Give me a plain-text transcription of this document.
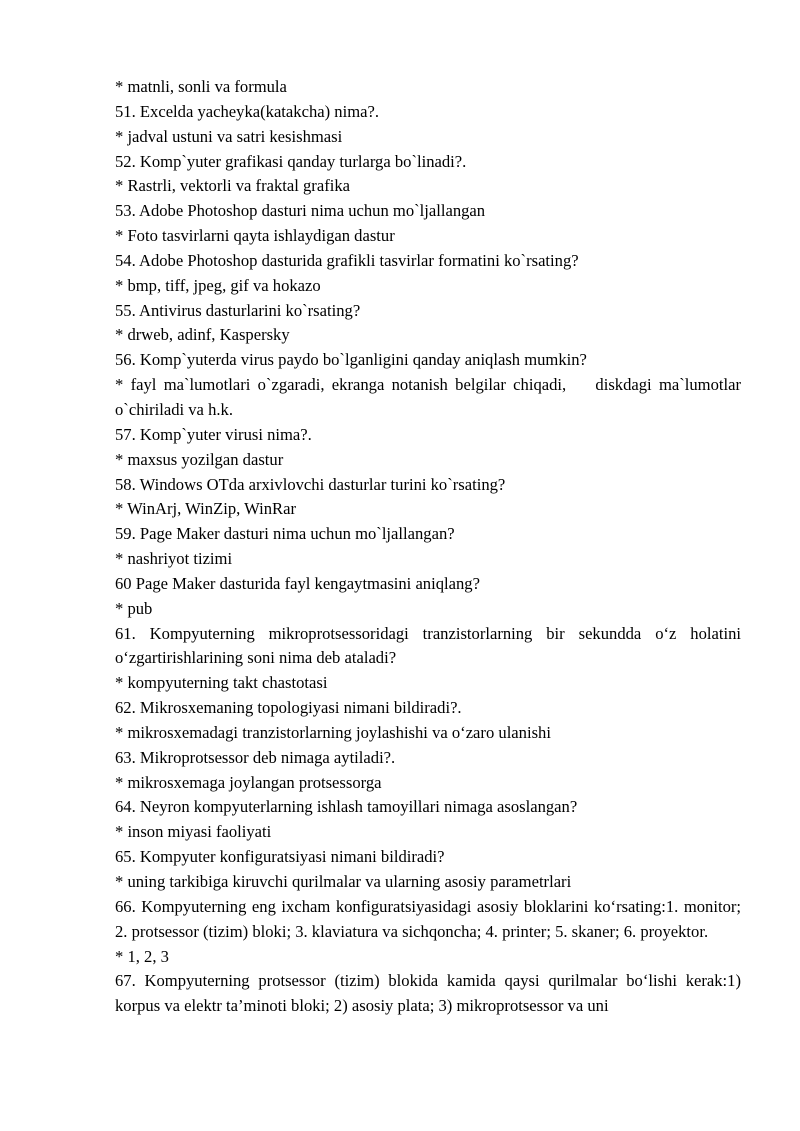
* matnli, sonli va formula

51. Excelda yacheyka(katakcha) nima?.

* jadval ustuni va satri kesishmasi

52. Komp`yuter grafikasi qanday turlarga bo`linadi?.

* Rastrli, vektorli va fraktal grafika

53. Adobe Photoshop dasturi nima uchun mo`ljallangan

* Foto tasvirlarni qayta ishlaydigan dastur

54. Adobe Photoshop dasturida grafikli tasvirlar formatini ko`rsating?

* bmp, tiff, jpeg, gif va hokazo

55. Antivirus dasturlarini ko`rsating?

* drweb, adinf, Kaspersky

56. Komp`yuterda virus paydo bo`lganligini qanday aniqlash mumkin?

* fayl ma`lumotlari o`zgaradi, ekranga notanish belgilar chiqadi,    diskdagi ma`lumotlar o`chiriladi va h.k.

57. Komp`yuter virusi nima?.

* maxsus yozilgan dastur

58. Windows OTda arxivlovchi dasturlar turini ko`rsating?

* WinArj, WinZip, WinRar

59. Page Maker dasturi nima uchun mo`ljallangan?

* nashriyot tizimi

60 Page Maker dasturida fayl kengaytmasini aniqlang?

* pub

61. Kompyuterning mikroprotsessoridagi tranzistorlarning bir sekundda o‘z holatini o‘zgartirishlarining soni nima deb ataladi?

* kompyuterning takt chastotasi

62. Mikrosxemaning topologiyasi nimani bildiradi?.

* mikrosxemadagi tranzistorlarning joylashishi va o‘zaro ulanishi

63. Mikroprotsessor deb nimaga aytiladi?.

* mikrosxemaga joylangan protsessorga

64. Neyron kompyuterlarning ishlash tamoyillari nimaga asoslangan?

* inson miyasi faoliyati

65. Kompyuter konfiguratsiyasi nimani bildiradi?

* uning tarkibiga kiruvchi qurilmalar va ularning asosiy parametrlari

66. Kompyuterning eng ixcham konfiguratsiyasidagi asosiy bloklarini ko‘rsating:1. monitor; 2. protsessor (tizim) bloki; 3. klaviatura va sichqoncha; 4. printer; 5. skaner; 6. proyektor.

* 1, 2, 3

67. Kompyuterning protsessor (tizim) blokida kamida qaysi qurilmalar bo‘lishi kerak:1) korpus va elektr ta’minoti bloki; 2) asosiy plata; 3) mikroprotsessor va uni
